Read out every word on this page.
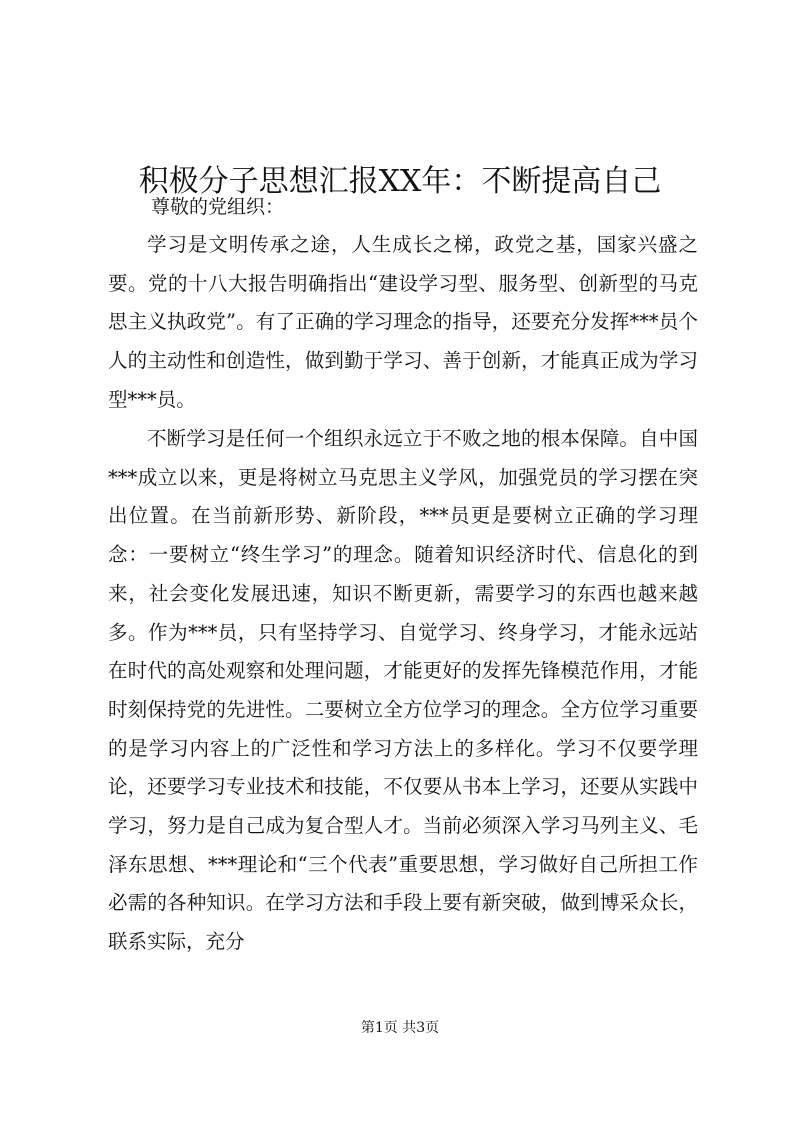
积极分子思想汇报XX年：不断提高自己
尊敬的党组织：

学习是文明传承之途，人生成长之梯，政党之基，国家兴盛之要。党的十八大报告明确指出“建设学习型、服务型、创新型的马克思主义执政党”。有了正确的学习理念的指导，还要充分发挥***员个人的主动性和创造性，做到勤于学习、善于创新，才能真正成为学习型***员。

不断学习是任何一个组织永远立于不败之地的根本保障。自中国***成立以来，更是将树立马克思主义学风，加强党员的学习摆在突出位置。在当前新形势、新阶段，***员更是要树立正确的学习理念：一要树立“终生学习”的理念。随着知识经济时代、信息化的到来，社会变化发展迅速，知识不断更新，需要学习的东西也越来越多。作为***员，只有坚持学习、自觉学习、终身学习，才能永远站在时代的高处观察和处理问题，才能更好的发挥先锋模范作用，才能时刻保持党的先进性。二要树立全方位学习的理念。全方位学习重要的是学习内容上的广泛性和学习方法上的多样化。学习不仅要学理论，还要学习专业技术和技能，不仅要从书本上学习，还要从实践中学习，努力是自己成为复合型人才。当前必须深入学习马列主义、毛泽东思想、***理论和“三个代表”重要思想，学习做好自己所担工作必需的各种知识。在学习方法和手段上要有新突破，做到博采众长，联系实际，充分

第1页 共3页
